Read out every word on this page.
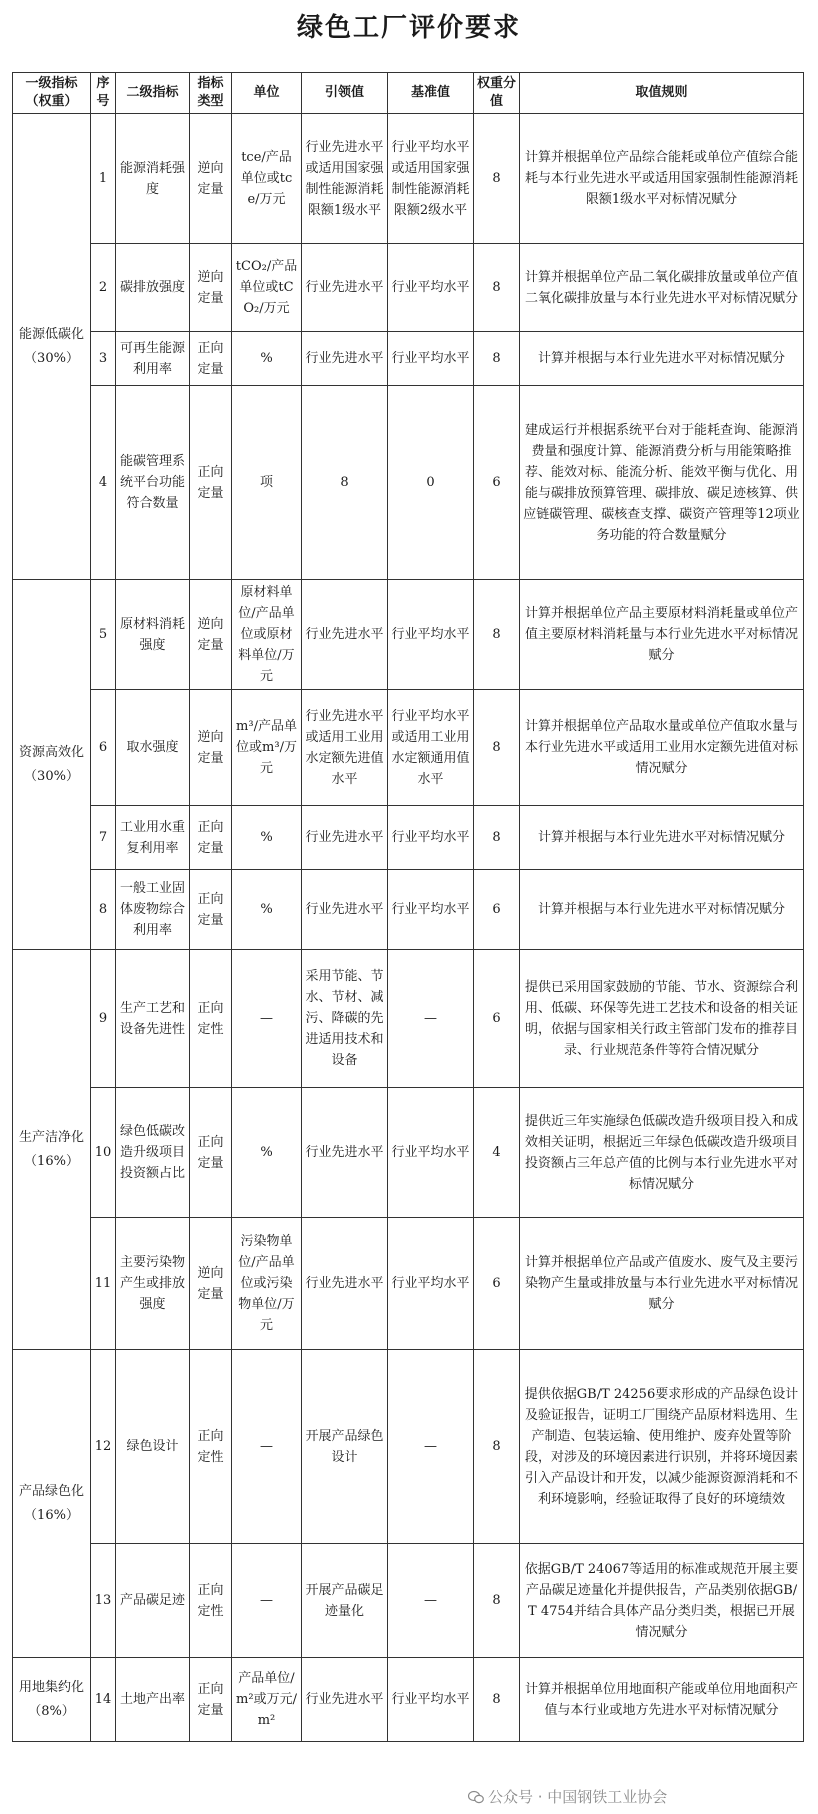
绿色工厂评价要求
一级指标（权重）	序号	二级指标	指标类型	单位	引领值	基准值	权重分值	取值规则
能源低碳化（30%）	1	能源消耗强度	逆向定量	tce/产品单位或tce/万元	行业先进水平或适用国家强制性能源消耗限额1级水平	行业平均水平或适用国家强制性能源消耗限额2级水平	8	计算并根据单位产品综合能耗或单位产值综合能耗与本行业先进水平或适用国家强制性能源消耗限额1级水平对标情况赋分
	2	碳排放强度	逆向定量	tCO₂/产品单位或tCO₂/万元	行业先进水平	行业平均水平	8	计算并根据单位产品二氧化碳排放量或单位产值二氧化碳排放量与本行业先进水平对标情况赋分
	3	可再生能源利用率	正向定量	%	行业先进水平	行业平均水平	8	计算并根据与本行业先进水平对标情况赋分
	4	能碳管理系统平台功能符合数量	正向定量	项	8	0	6	建成运行并根据系统平台对于能耗查询、能源消费量和强度计算、能源消费分析与用能策略推荐、能效对标、能流分析、能效平衡与优化、用能与碳排放预算管理、碳排放、碳足迹核算、供应链碳管理、碳核查支撑、碳资产管理等12项业务功能的符合数量赋分
资源高效化（30%）	5	原材料消耗强度	逆向定量	原材料单位/产品单位或原材料单位/万元	行业先进水平	行业平均水平	8	计算并根据单位产品主要原材料消耗量或单位产值主要原材料消耗量与本行业先进水平对标情况赋分
	6	取水强度	逆向定量	m³/产品单位或m³/万元	行业先进水平或适用工业用水定额先进值水平	行业平均水平或适用工业用水定额通用值水平	8	计算并根据单位产品取水量或单位产值取水量与本行业先进水平或适用工业用水定额先进值对标情况赋分
	7	工业用水重复利用率	正向定量	%	行业先进水平	行业平均水平	8	计算并根据与本行业先进水平对标情况赋分
	8	一般工业固体废物综合利用率	正向定量	%	行业先进水平	行业平均水平	6	计算并根据与本行业先进水平对标情况赋分
生产洁净化（16%）	9	生产工艺和设备先进性	正向定性	—	采用节能、节水、节材、减污、降碳的先进适用技术和设备	—	6	提供已采用国家鼓励的节能、节水、资源综合利用、低碳、环保等先进工艺技术和设备的相关证明，依据与国家相关行政主管部门发布的推荐目录、行业规范条件等符合情况赋分
	10	绿色低碳改造升级项目投资额占比	正向定量	%	行业先进水平	行业平均水平	4	提供近三年实施绿色低碳改造升级项目投入和成效相关证明，根据近三年绿色低碳改造升级项目投资额占三年总产值的比例与本行业先进水平对标情况赋分
	11	主要污染物产生或排放强度	逆向定量	污染物单位/产品单位或污染物单位/万元	行业先进水平	行业平均水平	6	计算并根据单位产品或产值废水、废气及主要污染物产生量或排放量与本行业先进水平对标情况赋分
产品绿色化（16%）	12	绿色设计	正向定性	—	开展产品绿色设计	—	8	提供依据GB/T 24256要求形成的产品绿色设计及验证报告，证明工厂围绕产品原材料选用、生产制造、包装运输、使用维护、废弃处置等阶段，对涉及的环境因素进行识别，并将环境因素引入产品设计和开发，以减少能源资源消耗和不利环境影响，经验证取得了良好的环境绩效
	13	产品碳足迹	正向定性	—	开展产品碳足迹量化	—	8	依据GB/T 24067等适用的标准或规范开展主要产品碳足迹量化并提供报告，产品类别依据GB/T 4754并结合具体产品分类归类，根据已开展情况赋分
用地集约化（8%）	14	土地产出率	正向定量	产品单位/m²或万元/m²	行业先进水平	行业平均水平	8	计算并根据单位用地面积产能或单位用地面积产值与本行业或地方先进水平对标情况赋分
公众号 · 中国钢铁工业协会
